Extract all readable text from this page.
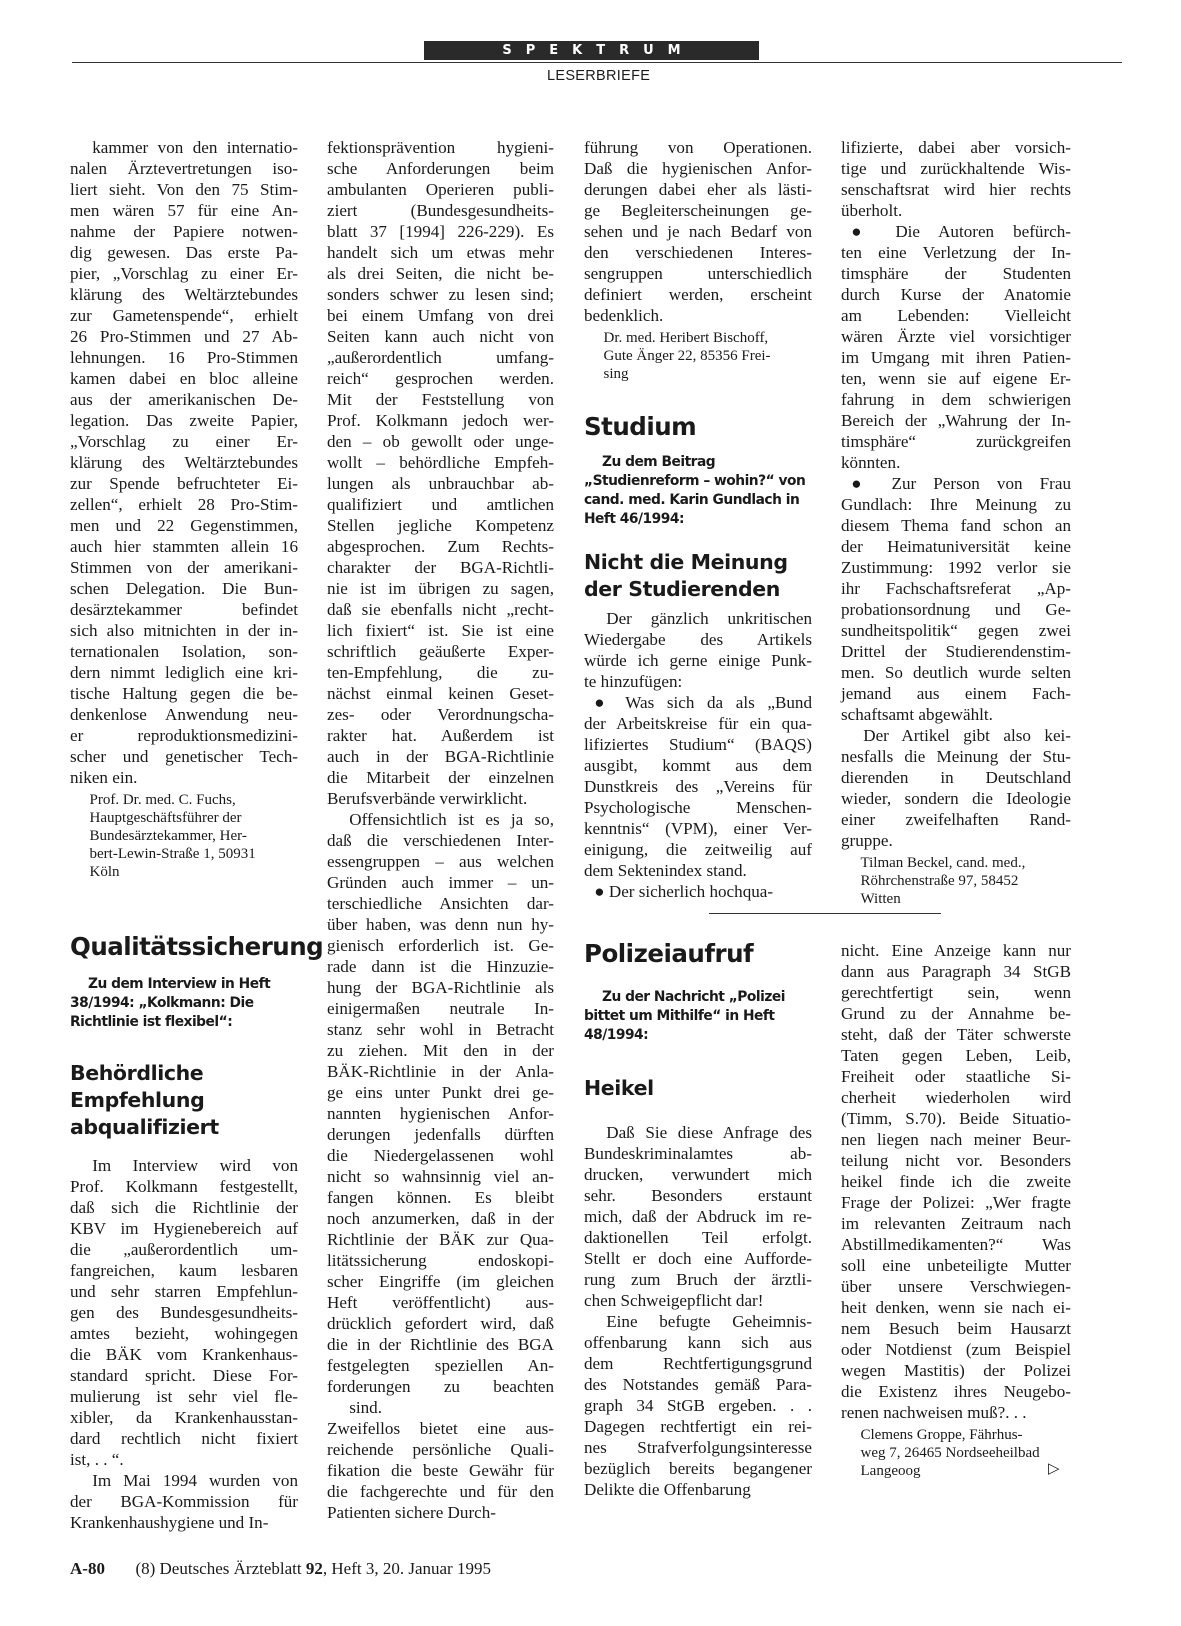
SPEKTRUM
LESERBRIEFE
kammer von den internatio-
nalen Ärztevertretungen iso-
liert sieht. Von den 75 Stim-
men wären 57 für eine An-
nahme der Papiere notwen-
dig gewesen. Das erste Pa-
pier, „Vorschlag zu einer Er-
klärung des Weltärztebundes
zur Gametenspende“, erhielt
26 Pro-Stimmen und 27 Ab-
lehnungen. 16 Pro-Stimmen
kamen dabei en bloc alleine
aus der amerikanischen De-
legation. Das zweite Papier,
„Vorschlag zu einer Er-
klärung des Weltärztebundes
zur Spende befruchteter Ei-
zellen“, erhielt 28 Pro-Stim-
men und 22 Gegenstimmen,
auch hier stammten allein 16
Stimmen von der amerikani-
schen Delegation. Die Bun-
desärztekammer befindet
sich also mitnichten in der in-
ternationalen Isolation, son-
dern nimmt lediglich eine kri-
tische Haltung gegen die be-
denkenlose Anwendung neu-
er reproduktionsmedizini-
scher und genetischer Tech-
niken ein.
Prof. Dr. med. C. Fuchs,
Hauptgeschäftsführer der
Bundesärztekammer, Her-
bert-Lewin-Straße 1, 50931
Köln
Qualitätssicherung

Zu dem Interview in Heft 38/1994: „Kolkmann: Die Richtlinie ist flexibel“:

Behördliche Empfehlung abqualifiziert
Im Interview wird von
Prof. Kolkmann festgestellt,
daß sich die Richtlinie der
KBV im Hygienebereich auf
die „außerordentlich um-
fangreichen, kaum lesbaren
und sehr starren Empfehlun-
gen des Bundesgesundheits-
amtes bezieht, wohingegen
die BÄK vom Krankenhaus-
standard spricht. Diese For-
mulierung ist sehr viel fle-
xibler, da Krankenhausstan-
dard rechtlich nicht fixiert
ist, . . “.
Im Mai 1994 wurden von
der BGA-Kommission für
Krankenhaushygiene und In-
fektionsprävention hygieni-
sche Anforderungen beim
ambulanten Operieren publi-
ziert (Bundesgesundheits-
blatt 37 [1994] 226-229). Es
handelt sich um etwas mehr
als drei Seiten, die nicht be-
sonders schwer zu lesen sind;
bei einem Umfang von drei
Seiten kann auch nicht von
„außerordentlich umfang-
reich“ gesprochen werden.
Mit der Feststellung von
Prof. Kolkmann jedoch wer-
den – ob gewollt oder unge-
wollt – behördliche Empfeh-
lungen als unbrauchbar ab-
qualifiziert und amtlichen
Stellen jegliche Kompetenz
abgesprochen. Zum Rechts-
charakter der BGA-Richtli-
nie ist im übrigen zu sagen,
daß sie ebenfalls nicht „recht-
lich fixiert“ ist. Sie ist eine
schriftlich geäußerte Exper-
ten-Empfehlung, die zu-
nächst einmal keinen Geset-
zes- oder Verordnungscha-
rakter hat. Außerdem ist
auch in der BGA-Richtlinie
die Mitarbeit der einzelnen
Berufsverbände verwirklicht.
Offensichtlich ist es ja so,
daß die verschiedenen Inter-
essengruppen – aus welchen
Gründen auch immer – un-
terschiedliche Ansichten dar-
über haben, was denn nun hy-
gienisch erforderlich ist. Ge-
rade dann ist die Hinzuzie-
hung der BGA-Richtlinie als
einigermaßen neutrale In-
stanz sehr wohl in Betracht
zu ziehen. Mit den in der
BÄK-Richtlinie in der Anla-
ge eins unter Punkt drei ge-
nannten hygienischen Anfor-
derungen jedenfalls dürften
die Niedergelassenen wohl
nicht so wahnsinnig viel an-
fangen können. Es bleibt
noch anzumerken, daß in der
Richtlinie der BÄK zur Qua-
litätssicherung endoskopi-
scher Eingriffe (im gleichen
Heft veröffentlicht) aus-
drücklich gefordert wird, daß
die in der Richtlinie des BGA
festgelegten speziellen An-
forderungen zu beachten
sind.
Zweifellos bietet eine aus-
reichende persönliche Quali-
fikation die beste Gewähr für
die fachgerechte und für den
Patienten sichere Durch-
führung von Operationen.
Daß die hygienischen Anfor-
derungen dabei eher als lästi-
ge Begleiterscheinungen ge-
sehen und je nach Bedarf von
den verschiedenen Interes-
sengruppen unterschiedlich
definiert werden, erscheint
bedenklich.
Dr. med. Heribert Bischoff,
Gute Änger 22, 85356 Frei-
sing
Studium

Zu dem Beitrag „Studienreform – wohin?“ von cand. med. Karin Gundlach in Heft 46/1994:

Nicht die Meinung der Studierenden
Der gänzlich unkritischen
Wiedergabe des Artikels
würde ich gerne einige Punk-
te hinzufügen:
● Was sich da als „Bund
der Arbeitskreise für ein qua-
lifiziertes Studium“ (BAQS)
ausgibt, kommt aus dem
Dunstkreis des „Vereins für
Psychologische Menschen-
kenntnis“ (VPM), einer Ver-
einigung, die zeitweilig auf
dem Sektenindex stand.
● Der sicherlich hochqua-
lifizierte, dabei aber vorsich-
tige und zurückhaltende Wis-
senschaftsrat wird hier rechts
überholt.
● Die Autoren befürch-
ten eine Verletzung der In-
timsphäre der Studenten
durch Kurse der Anatomie
am Lebenden: Vielleicht
wären Ärzte viel vorsichtiger
im Umgang mit ihren Patien-
ten, wenn sie auf eigene Er-
fahrung in dem schwierigen
Bereich der „Wahrung der In-
timsphäre“ zurückgreifen
könnten.
● Zur Person von Frau
Gundlach: Ihre Meinung zu
diesem Thema fand schon an
der Heimatuniversität keine
Zustimmung: 1992 verlor sie
ihr Fachschaftsreferat „Ap-
probationsordnung und Ge-
sundheitspolitik“ gegen zwei
Drittel der Studierendenstim-
men. So deutlich wurde selten
jemand aus einem Fach-
schaftsamt abgewählt.
Der Artikel gibt also kei-
nesfalls die Meinung der Stu-
dierenden in Deutschland
wieder, sondern die Ideologie
einer zweifelhaften Rand-
gruppe.
Tilman Beckel, cand. med.,
Röhrchenstraße 97, 58452
Witten
Polizeiaufruf

Zu der Nachricht „Polizei bittet um Mithilfe“ in Heft 48/1994:

Heikel
Daß Sie diese Anfrage des
Bundeskriminalamtes ab-
drucken, verwundert mich
sehr. Besonders erstaunt
mich, daß der Abdruck im re-
daktionellen Teil erfolgt.
Stellt er doch eine Aufforde-
rung zum Bruch der ärztli-
chen Schweigepflicht dar!
Eine befugte Geheimnis-
offenbarung kann sich aus
dem Rechtfertigungsgrund
des Notstandes gemäß Para-
graph 34 StGB ergeben. . .
Dagegen rechtfertigt ein rei-
nes Strafverfolgungsinteresse
bezüglich bereits begangener
Delikte die Offenbarung
nicht. Eine Anzeige kann nur
dann aus Paragraph 34 StGB
gerechtfertigt sein, wenn
Grund zu der Annahme be-
steht, daß der Täter schwerste
Taten gegen Leben, Leib,
Freiheit oder staatliche Si-
cherheit wiederholen wird
(Timm, S.70). Beide Situatio-
nen liegen nach meiner Beur-
teilung nicht vor. Besonders
heikel finde ich die zweite
Frage der Polizei: „Wer fragte
im relevanten Zeitraum nach
Abstillmedikamenten?“ Was
soll eine unbeteiligte Mutter
über unsere Verschwiegen-
heit denken, wenn sie nach ei-
nem Besuch beim Hausarzt
oder Notdienst (zum Beispiel
wegen Mastitis) der Polizei
die Existenz ihres Neugebo-
renen nachweisen muß?. . .
Clemens Groppe, Fährhus-
weg 7, 26465 Nordseeheilbad
Langeoog	▷
A-80 (8) Deutsches Ärzteblatt 92, Heft 3, 20. Januar 1995
